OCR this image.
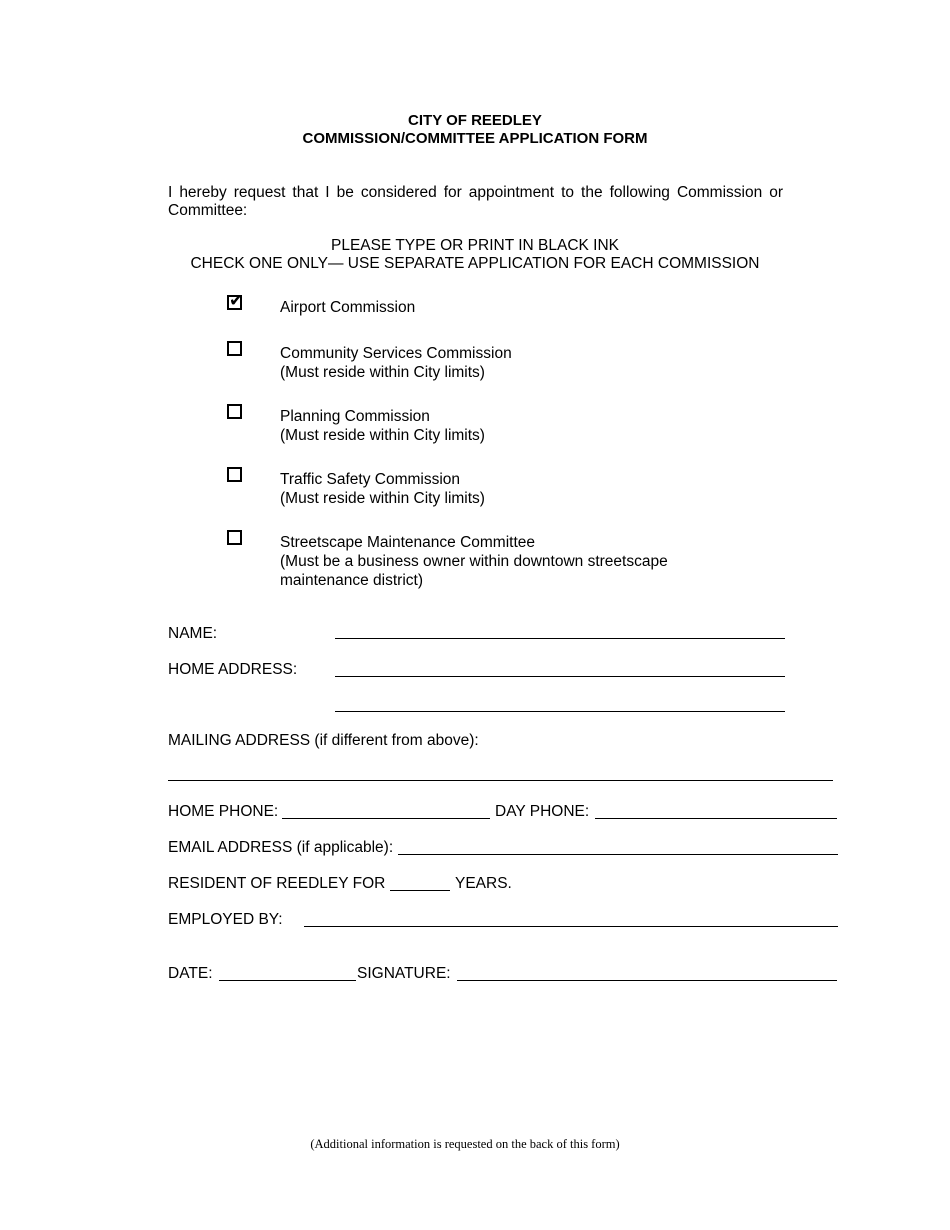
CITY OF REEDLEY
COMMISSION/COMMITTEE APPLICATION FORM
I hereby request that I be considered for appointment to the following Commission or Committee:
PLEASE TYPE OR PRINT IN BLACK INK
CHECK ONE ONLY— USE SEPARATE APPLICATION FOR EACH COMMISSION
✔ Airport Commission
Community Services Commission
(Must reside within City limits)
Planning Commission
(Must reside within City limits)
Traffic Safety Commission
(Must reside within City limits)
Streetscape Maintenance Committee
(Must be a business owner within downtown streetscape
maintenance district)
NAME:
HOME ADDRESS:
MAILING ADDRESS (if different from above):
HOME PHONE:	DAY PHONE:
EMAIL ADDRESS (if applicable):
RESIDENT OF REEDLEY FOR	YEARS.
EMPLOYED BY:
DATE:	SIGNATURE:
(Additional information is requested on the back of this form)
